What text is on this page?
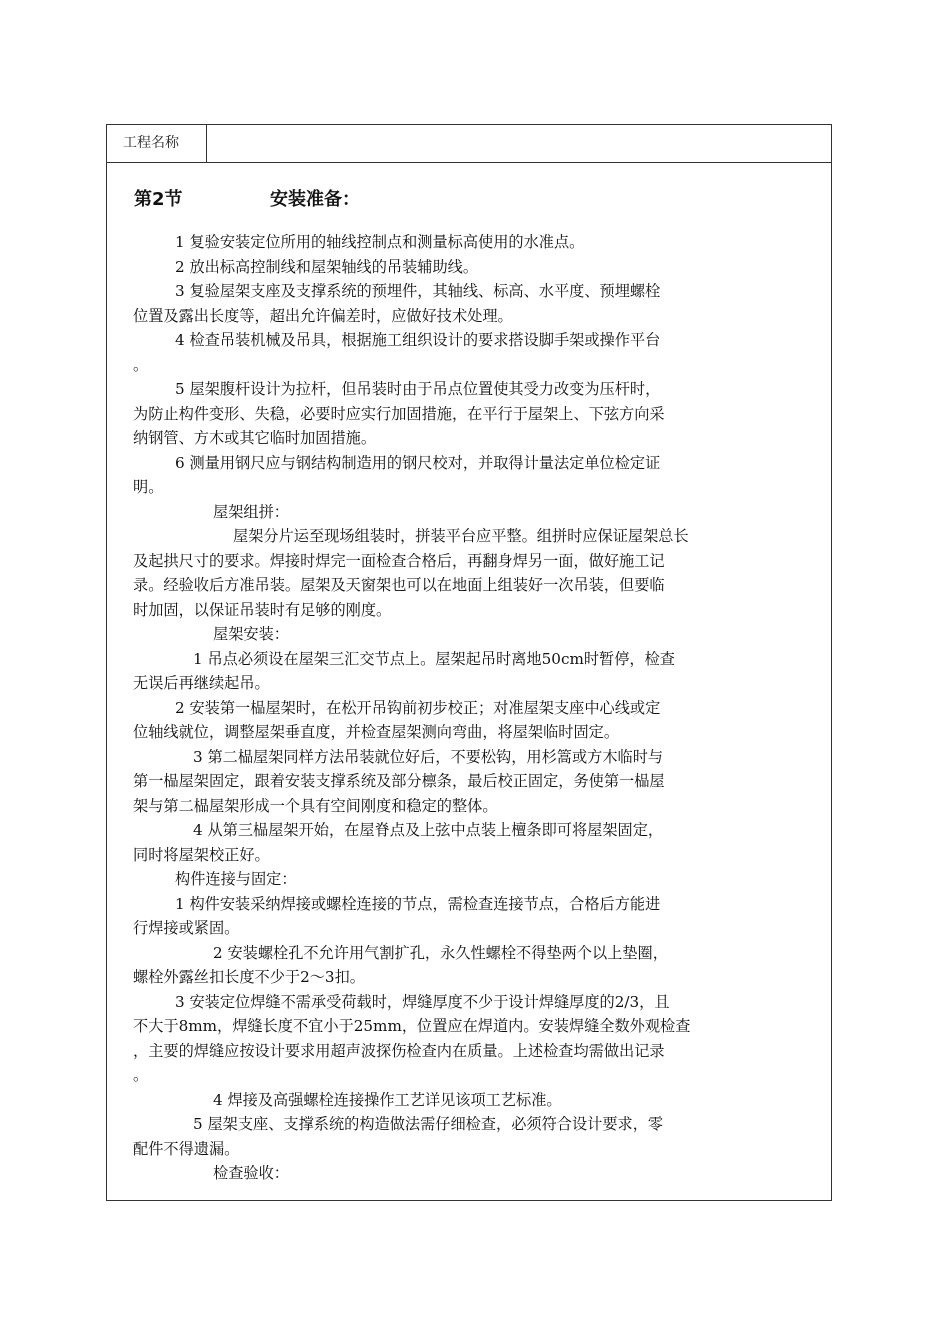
工程名称
第2节	安装准备：
1 复验安装定位所用的轴线控制点和测量标高使用的水准点。
2 放出标高控制线和屋架轴线的吊装辅助线。
3 复验屋架支座及支撑系统的预埋件，其轴线、标高、水平度、预埋螺栓
位置及露出长度等，超出允许偏差时，应做好技术处理。
4 检查吊装机械及吊具，根据施工组织设计的要求搭设脚手架或操作平台
。
5 屋架腹杆设计为拉杆，但吊装时由于吊点位置使其受力改变为压杆时，
为防止构件变形、失稳，必要时应实行加固措施，在平行于屋架上、下弦方向采
纳钢管、方木或其它临时加固措施。
6 测量用钢尺应与钢结构制造用的钢尺校对，并取得计量法定单位检定证
明。
屋架组拼：
屋架分片运至现场组装时，拼装平台应平整。组拼时应保证屋架总长
及起拱尺寸的要求。焊接时焊完一面检查合格后，再翻身焊另一面，做好施工记
录。经验收后方准吊装。屋架及天窗架也可以在地面上组装好一次吊装，但要临
时加固，以保证吊装时有足够的刚度。
屋架安装：
1 吊点必须设在屋架三汇交节点上。屋架起吊时离地50cm时暂停，检查
无误后再继续起吊。
2 安装第一榀屋架时，在松开吊钩前初步校正；对准屋架支座中心线或定
位轴线就位，调整屋架垂直度，并检查屋架测向弯曲，将屋架临时固定。
3 第二榀屋架同样方法吊装就位好后，不要松钩，用杉篙或方木临时与
第一榀屋架固定，跟着安装支撑系统及部分檩条，最后校正固定，务使第一榀屋
架与第二榀屋架形成一个具有空间刚度和稳定的整体。
4 从第三榀屋架开始，在屋脊点及上弦中点装上檀条即可将屋架固定，
同时将屋架校正好。
构件连接与固定：
1 构件安装采纳焊接或螺栓连接的节点，需检查连接节点，合格后方能进
行焊接或紧固。
2 安装螺栓孔不允许用气割扩孔，永久性螺栓不得垫两个以上垫圈，
螺栓外露丝扣长度不少于2～3扣。
3 安装定位焊缝不需承受荷载时，焊缝厚度不少于设计焊缝厚度的2/3，且
不大于8mm，焊缝长度不宜小于25mm，位置应在焊道内。安装焊缝全数外观检查
，主要的焊缝应按设计要求用超声波探伤检查内在质量。上述检查均需做出记录
。
4 焊接及高强螺栓连接操作工艺详见该项工艺标准。
5 屋架支座、支撑系统的构造做法需仔细检查，必须符合设计要求，零
配件不得遗漏。
检查验收：
